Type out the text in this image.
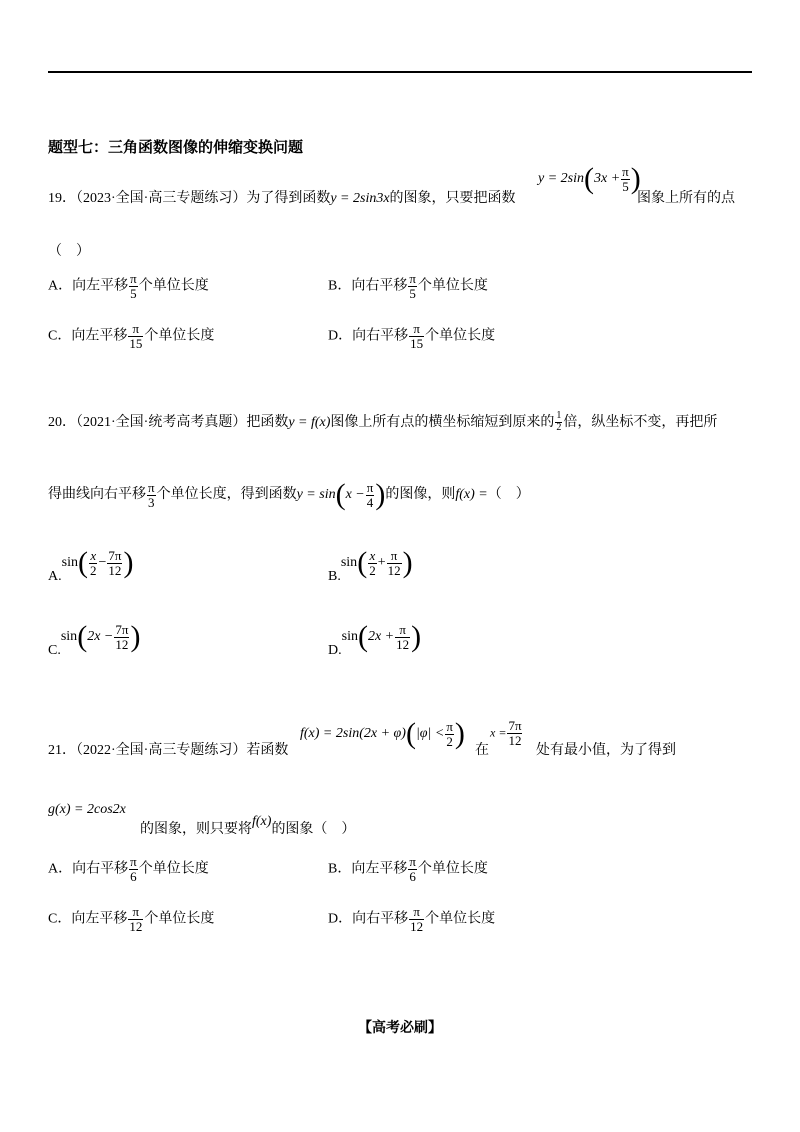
题型七：三角函数图像的伸缩变换问题
19．（2023·全国·高三专题练习）为了得到函数y = 2sin3x的图象，只要把函数
$y = 2\sin(3x + \frac{\pi}{5}$ )
图象上所有的点
（　）
A．向左平移 $\frac{\pi}{5}$ 个单位长度	B．向右平移 $\frac{\pi}{5}$ 个单位长度
C．向左平移 $\frac{\pi}{15}$ 个单位长度	D．向右平移 $\frac{\pi}{15}$ 个单位长度
20．（2021·全国·统考高考真题）把函数y = f(x)图像上所有点的横坐标缩短到原来的 $\frac{1}{2}$ 倍，纵坐标不变，再把所
得曲线向右平移 $\frac{\pi}{3}$ 个单位长度，得到函数$y = \sin(x - \frac{\pi}{4}$ )的图像，则f(x) =（　）
$A.\sin( \frac{x}{2} - \frac{7\pi}{12}$ )	$B.\sin( \frac{x}{2} + \frac{\pi}{12}$ )
$C.\sin(2x - \frac{7\pi}{12}$ )	$D.\sin(2x + \frac{\pi}{12}$ )
21．（2022·全国·高三专题练习）若函数
$f(x) = 2\sin(2x + \varphi)(|\varphi| < \frac{\pi}{2}$ )
在
$x = \frac{7\pi}{12}$
处有最小值，为了得到
g(x) = 2cos2x
的图象，则只要将f(x)的图象（　）
A．向右平移 $\frac{\pi}{6}$ 个单位长度	B．向左平移 $\frac{\pi}{6}$ 个单位长度
C．向左平移 $\frac{\pi}{12}$ 个单位长度	D．向右平移 $\frac{\pi}{12}$ 个单位长度
【高考必刷】
